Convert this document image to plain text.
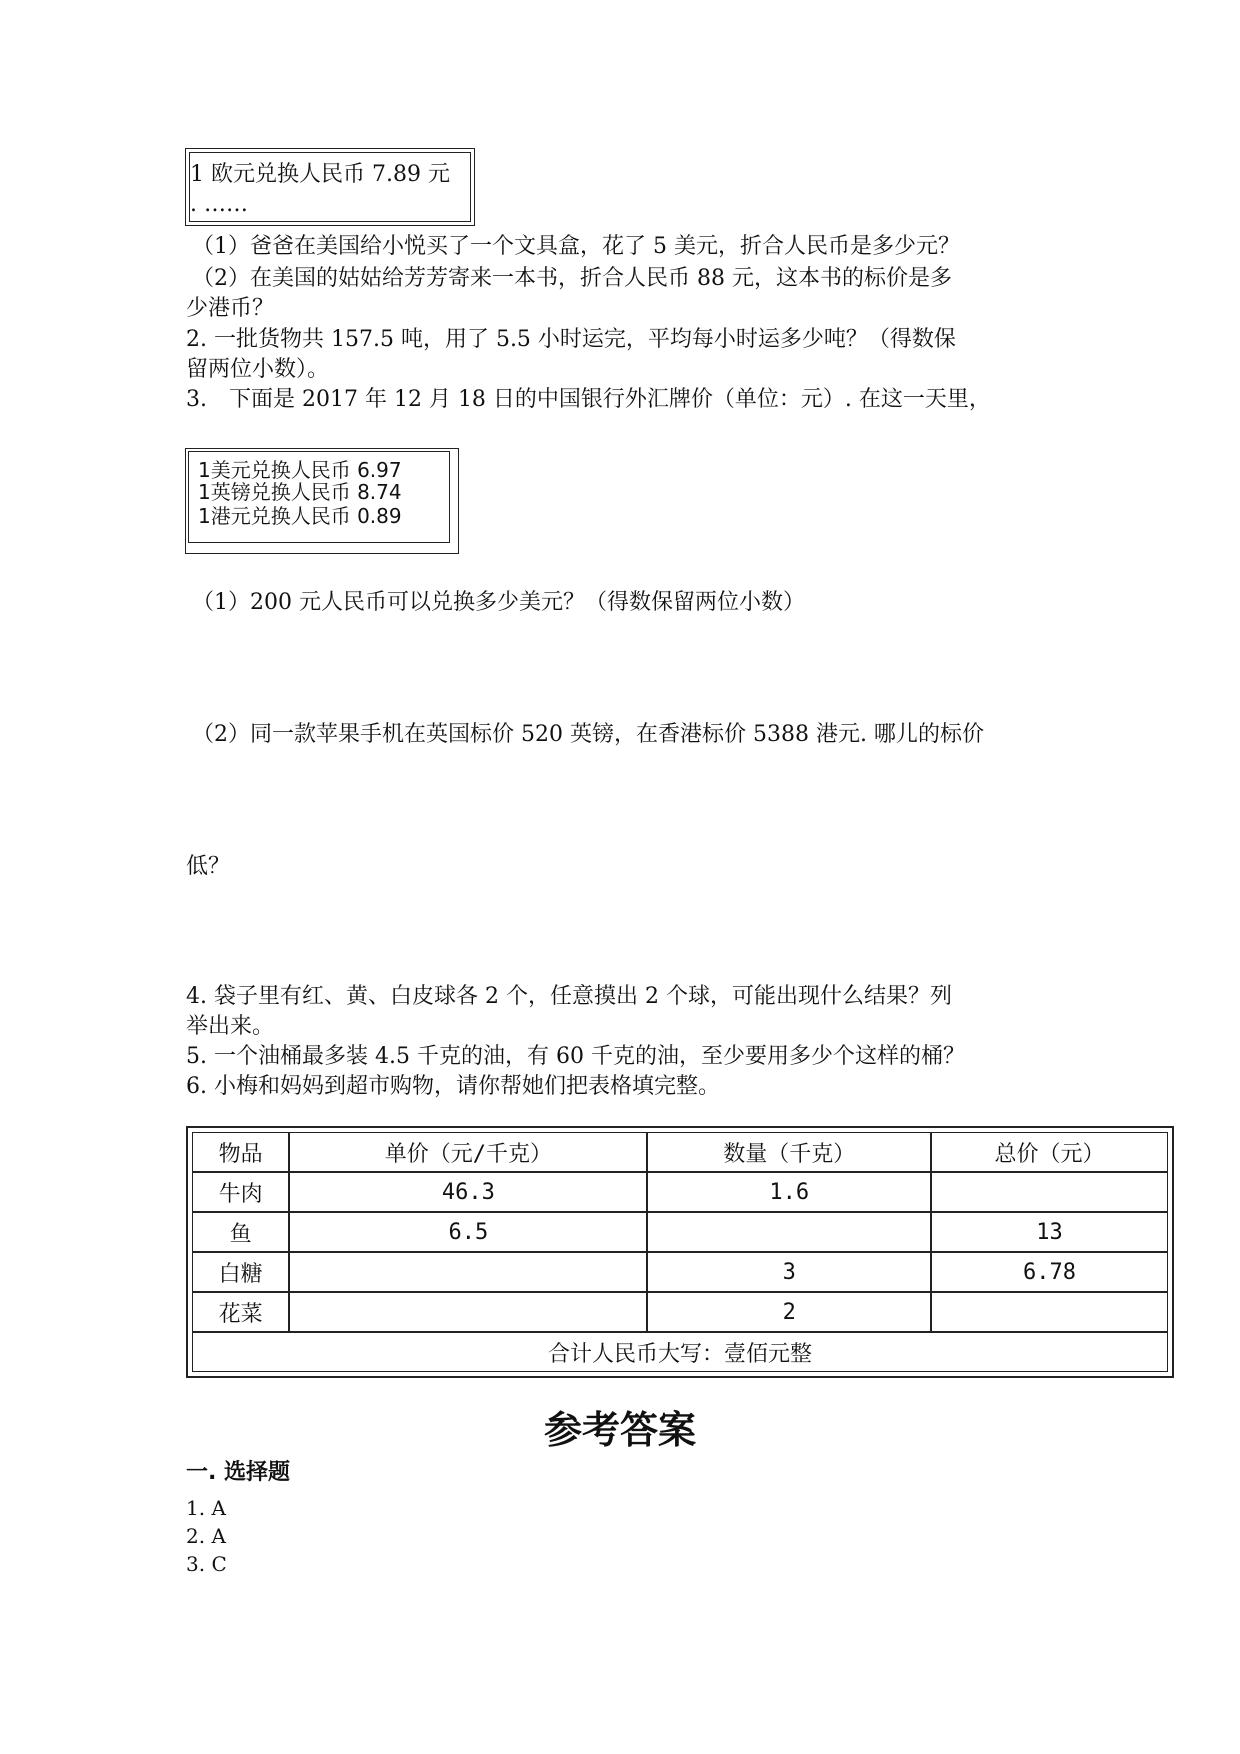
1 欧元兑换人民币 7.89 元
. ……
（1）爸爸在美国给小悦买了一个文具盒，花了 5 美元，折合人民币是多少元？
（2）在美国的姑姑给芳芳寄来一本书，折合人民币 88 元，这本书的标价是多
少港币？
2. 一批货物共 157.5 吨，用了 5.5 小时运完，平均每小时运多少吨？（得数保
留两位小数）。
3.　下面是 2017 年 12 月 18 日的中国银行外汇牌价（单位：元）. 在这一天里，
1美元兑换人民币 6.97
1英镑兑换人民币 8.74
1港元兑换人民币 0.89
（1）200 元人民币可以兑换多少美元？（得数保留两位小数）
（2）同一款苹果手机在英国标价 520 英镑，在香港标价 5388 港元. 哪儿的标价
低？
4. 袋子里有红、黄、白皮球各 2 个，任意摸出 2 个球，可能出现什么结果？列
举出来。
5. 一个油桶最多装 4.5 千克的油，有 60 千克的油，至少要用多少个这样的桶？
6. 小梅和妈妈到超市购物，请你帮她们把表格填完整。
物品	单价（元/千克）	数量（千克）	总价（元）
牛肉	46.3	1.6	
鱼	6.5		13
白糖		3	6.78
花菜		2	
合计人民币大写：壹佰元整			
参考答案
一. 选择题
1. A
2. A
3. C
